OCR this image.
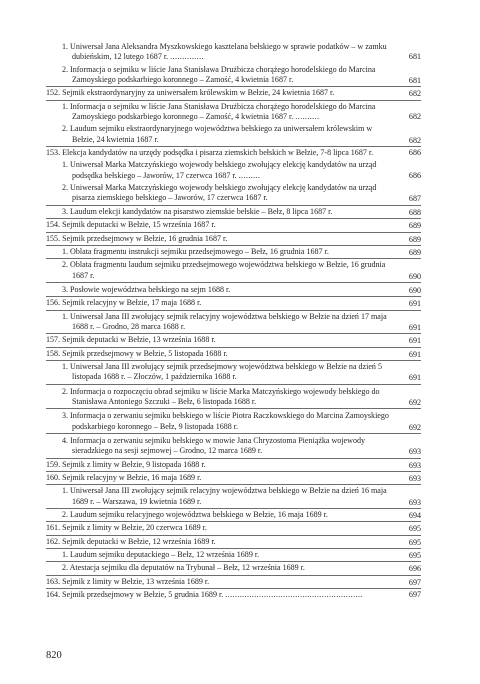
1. Uniwersał Jana Aleksandra Myszkowskiego kasztelana bełskiego w sprawie podatków – w zamku dubieńskim, 12 lutego 1687 r. ..............	681

2. Informacja o sejmiku w liście Jana Stanisława Drużbicza chorążego horodelskiego do Marcina Zamoyskiego podskarbiego koronnego – Zamość, 4 kwietnia 1687 r.	681

152. Sejmik ekstraordynaryjny za uniwersałem królewskim w Bełzie, 24 kwietnia 1687 r.	682

1. Informacja o sejmiku w liście Jana Stanisława Drużbicza chorążego horodelskiego do Marcina Zamoyskiego podskarbiego koronnego – Zamość, 4 kwietnia 1687 r. ..........	682

2. Laudum sejmiku ekstraordynaryjnego województwa bełskiego za uniwersałem królewskim w Bełzie, 24 kwietnia 1687 r.	682

153. Elekcja kandydatów na urzędy podsędka i pisarza ziemskich bełskich w Bełzie, 7-8 lipca 1687 r.	686

1. Uniwersał Marka Matczyńskiego wojewody bełskiego zwołujący elekcję kandydatów na urząd podsędka bełskiego – Jaworów, 17 czerwca 1687 r. .........	686

2. Uniwersał Marka Matczyńskiego wojewody bełskiego zwołujący elekcję kandydatów na urząd pisarza ziemskiego bełskiego – Jaworów, 17 czerwca 1687 r.	687

3. Laudum elekcji kandydatów na pisarstwo ziemskie bełskie – Bełz, 8 lipca 1687 r.	688

154. Sejmik deputacki w Bełzie, 15 września 1687 r.	689

155. Sejmik przedsejmowy w Bełzie, 16 grudnia 1687 r.	689

1. Oblata fragmentu instrukcji sejmiku przedsejmowego – Bełz, 16 grudnia 1687 r.	689

2. Oblata fragmentu laudum sejmiku przedsejmowego województwa bełskiego w Bełzie, 16 grudnia 1687 r.	690

3. Posłowie województwa bełskiego na sejm 1688 r.	690

156. Sejmik relacyjny w Bełzie, 17 maja 1688 r.	691

1. Uniwersał Jana III zwołujący sejmik relacyjny województwa bełskiego w Bełzie na dzień 17 maja 1688 r. – Grodno, 28 marca 1688 r.	691

157. Sejmik deputacki w Bełzie, 13 września 1688 r.	691

158. Sejmik przedsejmowy w Bełzie, 5 listopada 1688 r.	691

1. Uniwersał Jana III zwołujący sejmik przedsejmowy województwa bełskiego w Bełzie na dzień 5 listopada 1688 r. – Złoczów, 1 października 1688 r.	691

2. Informacja o rozpoczęciu obrad sejmiku w liście Marka Matczyńskiego wojewody bełskiego do Stanisława Antoniego Szczuki – Bełz, 6 listopada 1688 r.	692

3. Informacja o zerwaniu sejmiku bełskiego w liście Piotra Raczkowskiego do Marcina Zamoyskiego podskarbiego koronnego – Bełz, 9 listopada 1688 r.	692

4. Informacja o zerwaniu sejmiku bełskiego w mowie Jana Chryzostoma Pieniążka wojewody sieradzkiego na sesji sejmowej – Grodno, 12 marca 1689 r.	693

159. Sejmik z limity w Bełzie, 9 listopada 1688 r.	693

160. Sejmik relacyjny w Bełzie, 16 maja 1689 r.	693

1. Uniwersał Jana III zwołujący sejmik relacyjny województwa bełskiego w Bełzie na dzień 16 maja 1689 r. – Warszawa, 19 kwietnia 1689 r.	693

2. Laudum sejmiku relacyjnego województwa bełskiego w Bełzie, 16 maja 1689 r.	694

161. Sejmik z limity w Bełzie, 20 czerwca 1689 r.	695

162. Sejmik deputacki w Bełzie, 12 września 1689 r.	695

1. Laudum sejmiku deputackiego – Bełz, 12 września 1689 r.	695

2. Atestacja sejmiku dla deputatów na Trybunał – Bełz, 12 września 1689 r.	696

163. Sejmik z limity w Bełzie, 13 września 1689 r.	697

164. Sejmik przedsejmowy w Bełzie, 5 grudnia 1689 r. .........................................................	697

820
